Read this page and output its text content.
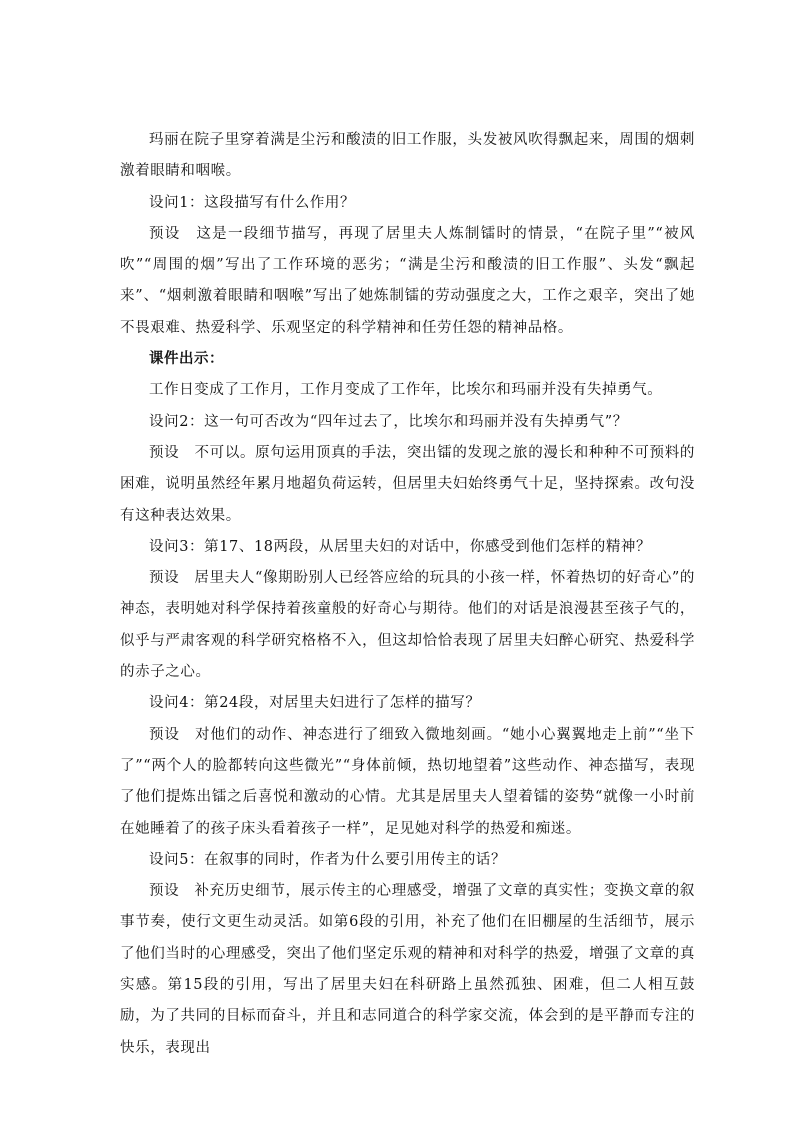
玛丽在院子里穿着满是尘污和酸渍的旧工作服，头发被风吹得飘起来，周围的烟刺激着眼睛和咽喉。

设问1：这段描写有什么作用？

预设　这是一段细节描写，再现了居里夫人炼制镭时的情景，“在院子里”“被风吹”“周围的烟”写出了工作环境的恶劣；“满是尘污和酸渍的旧工作服”、头发“飘起来”、“烟刺激着眼睛和咽喉”写出了她炼制镭的劳动强度之大，工作之艰辛，突出了她不畏艰难、热爱科学、乐观坚定的科学精神和任劳任怨的精神品格。

课件出示：

工作日变成了工作月，工作月变成了工作年，比埃尔和玛丽并没有失掉勇气。

设问2：这一句可否改为“四年过去了，比埃尔和玛丽并没有失掉勇气”？

预设　不可以。原句运用顶真的手法，突出镭的发现之旅的漫长和种种不可预料的困难，说明虽然经年累月地超负荷运转，但居里夫妇始终勇气十足，坚持探索。改句没有这种表达效果。

设问3：第17、18两段，从居里夫妇的对话中，你感受到他们怎样的精神？

预设　居里夫人“像期盼别人已经答应给的玩具的小孩一样，怀着热切的好奇心”的神态，表明她对科学保持着孩童般的好奇心与期待。他们的对话是浪漫甚至孩子气的，似乎与严肃客观的科学研究格格不入，但这却恰恰表现了居里夫妇醉心研究、热爱科学的赤子之心。

设问4：第24段，对居里夫妇进行了怎样的描写？

预设　对他们的动作、神态进行了细致入微地刻画。“她小心翼翼地走上前”“坐下了”“两个人的脸都转向这些微光”“身体前倾，热切地望着”这些动作、神态描写，表现了他们提炼出镭之后喜悦和激动的心情。尤其是居里夫人望着镭的姿势“就像一小时前在她睡着了的孩子床头看着孩子一样”，足见她对科学的热爱和痴迷。

设问5：在叙事的同时，作者为什么要引用传主的话？

预设　补充历史细节，展示传主的心理感受，增强了文章的真实性；变换文章的叙事节奏，使行文更生动灵活。如第6段的引用，补充了他们在旧棚屋的生活细节，展示了他们当时的心理感受，突出了他们坚定乐观的精神和对科学的热爱，增强了文章的真实感。第15段的引用，写出了居里夫妇在科研路上虽然孤独、困难，但二人相互鼓励，为了共同的目标而奋斗，并且和志同道合的科学家交流，体会到的是平静而专注的快乐，表现出
